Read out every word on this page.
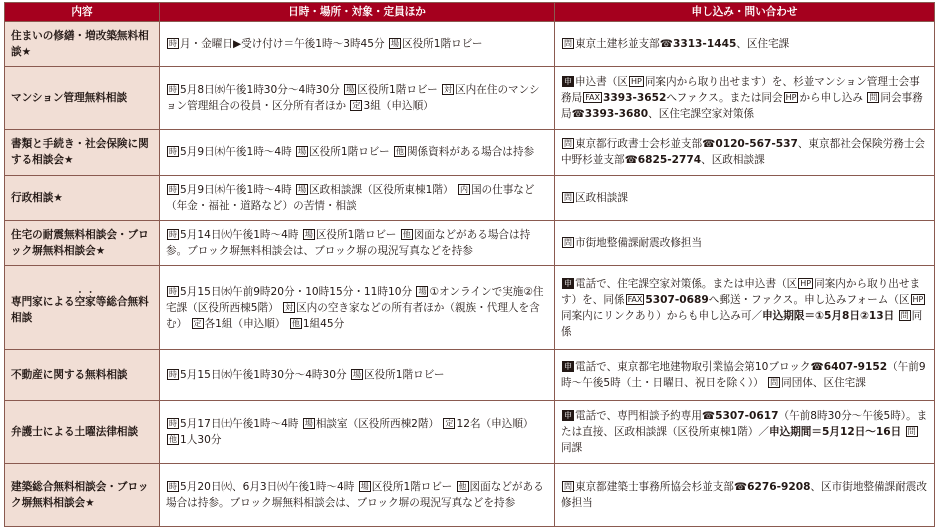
内容	日時・場所・対象・定員ほか	申し込み・問い合わせ
住まいの修繕・増改築無料相談★	時 月・金曜日▶受け付け＝午後1時～3時45分 場 区役所1階ロビー	問 東京土建杉並支部☎3313-1445、区住宅課
マンション管理無料相談	時 5月8日㈬午後1時30分～4時30分 場 区役所1階ロビー 対 区内在住のマンション管理組合の役員・区分所有者ほか 定 3組（申込順）	申 申込書（区 HP 同案内から取り出せます）を、杉並マンション管理士会事務局 FAX 3393-3652へファクス。または同会 HP から申し込み 問 同会事務局☎3393-3680、区住宅課空家対策係
書類と手続き・社会保険に関する相談会★	時 5月9日㈭午後1時～4時 場 区役所1階ロビー 他 関係資料がある場合は持参	問 東京都行政書士会杉並支部☎0120-567-537、東京都社会保険労務士会中野杉並支部☎6825-2774、区政相談課
行政相談★	時 5月9日㈭午後1時～4時 場 区政相談課（区役所東棟1階） 内 国の仕事など（年金・福祉・道路など）の苦情・相談	問 区政相談課
住宅の耐震無料相談会・ブロック塀無料相談会★	時 5月14日㈫午後1時～4時 場 区役所1階ロビー 他 図面などがある場合は持参。ブロック塀無料相談会は、ブロック塀の現況写真などを持参	問 市街地整備課耐震改修担当
専門家による空家等総合無料相談	時 5月15日㈬午前9時20分・10時15分・11時10分 場 ①オンラインで実施②住宅課（区役所西棟5階） 対 区内の空き家などの所有者ほか（親族・代理人を含む） 定 各1組（申込順） 他 1組45分	申 電話で、住宅課空家対策係。または申込書（区 HP 同案内から取り出せます）を、同係 FAX 5307-0689へ郵送・ファクス。申し込みフォーム（区 HP同案内にリンクあり）からも申し込み可／申込期限＝①5月8日②13日 問 同係
不動産に関する無料相談	時 5月15日㈬午後1時30分～4時30分 場 区役所1階ロビー	申 電話で、東京都宅地建物取引業協会第10ブロック☎6407-9152（午前9時～午後5時（土・日曜日、祝日を除く）） 問 同団体、区住宅課
弁護士による土曜法律相談	時 5月17日㈯午後1時～4時 場 相談室（区役所西棟2階） 定 12名（申込順） 他 1人30分	申 電話で、専門相談予約専用☎5307-0617（午前8時30分～午後5時）。または直接、区政相談課（区役所東棟1階）／申込期間＝5月12日～16日 問同課
建築総合無料相談会・ブロック塀無料相談会★	時 5月20日㈫、6月3日㈫午後1時～4時 場 区役所1階ロビー 他 図面などがある場合は持参。ブロック塀無料相談会は、ブロック塀の現況写真などを持参	問 東京都建築士事務所協会杉並支部☎6276-9208、区市街地整備課耐震改修担当
